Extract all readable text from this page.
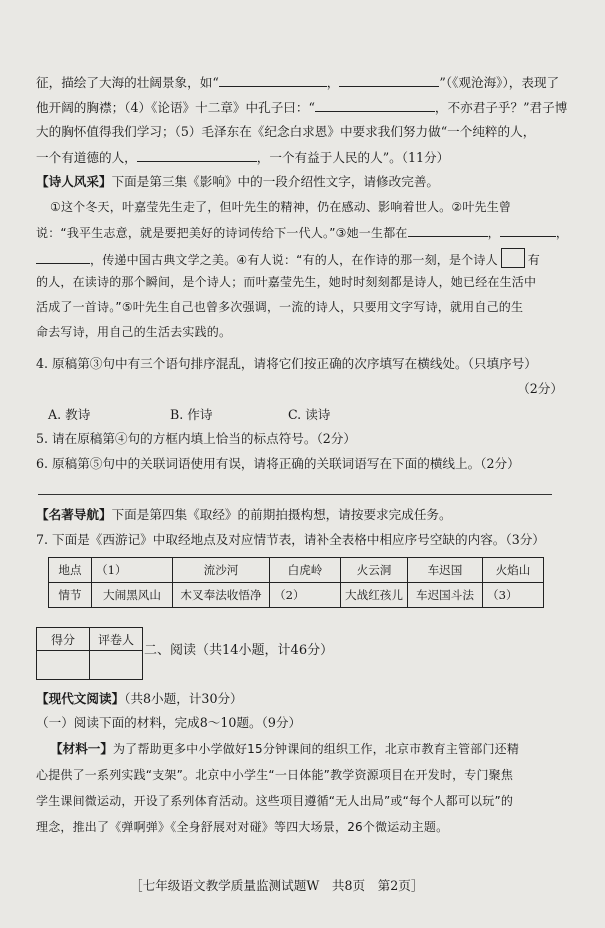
征，描绘了大海的壮阔景象，如“	，	”（《观沧海》），表现了
他开阔的胸襟；（4）《论语》十二章》中孔子曰：“	，不亦君子乎？”君子博
大的胸怀值得我们学习；（5）毛泽东在《纪念白求恩》中要求我们努力做“一个纯粹的人，
一个有道德的人，	，一个有益于人民的人”。（11分）
【诗人风采】下面是第三集《影响》中的一段介绍性文字，请修改完善。
①这个冬天，叶嘉莹先生走了，但叶先生的精神，仍在感动、影响着世人。②叶先生曾
说：“我平生志意，就是要把美好的诗词传给下一代人。”③她一生都在	，	，
，传递中国古典文学之美。④有人说：“有的人，在作诗的那一刻，是个诗人	有
的人，在读诗的那个瞬间，是个诗人；而叶嘉莹先生，她时时刻刻都是诗人，她已经在生活中
活成了一首诗。”⑤叶先生自己也曾多次强调，一流的诗人，只要用文字写诗，就用自己的生
命去写诗，用自己的生活去实践的。
4. 原稿第③句中有三个语句排序混乱，请将它们按正确的次序填写在横线处。（只填序号）
（2分）
A. 教诗	B. 作诗	C. 读诗
5. 请在原稿第④句的方框内填上恰当的标点符号。（2分）
6. 原稿第⑤句中的关联词语使用有误，请将正确的关联词语写在下面的横线上。（2分）
【名著导航】下面是第四集《取经》的前期拍摄构想，请按要求完成任务。
7. 下面是《西游记》中取经地点及对应情节表，请补全表格中相应序号空缺的内容。（3分）
地点	（1）	流沙河	白虎岭	火云洞	车迟国	火焰山
情节	大闹黑风山	木叉奉法收悟净	（2）	大战红孩儿	车迟国斗法	（3）
得分	评卷人

二、阅读（共14小题，计46分）
【现代文阅读】（共8小题，计30分）
（一）阅读下面的材料，完成8～10题。（9分）
【材料一】为了帮助更多中小学做好15分钟课间的组织工作，北京市教育主管部门还精
心提供了一系列实践“支架”。北京中小学生“一日体能”教学资源项目在开发时，专门聚焦
学生课间微运动，开设了系列体育活动。这些项目遵循“无人出局”或“每个人都可以玩”的
理念，推出了《弹啊弹》《全身舒展对对碰》等四大场景，26个微运动主题。
［七年级语文教学质量监测试题W　共8页　第2页］
